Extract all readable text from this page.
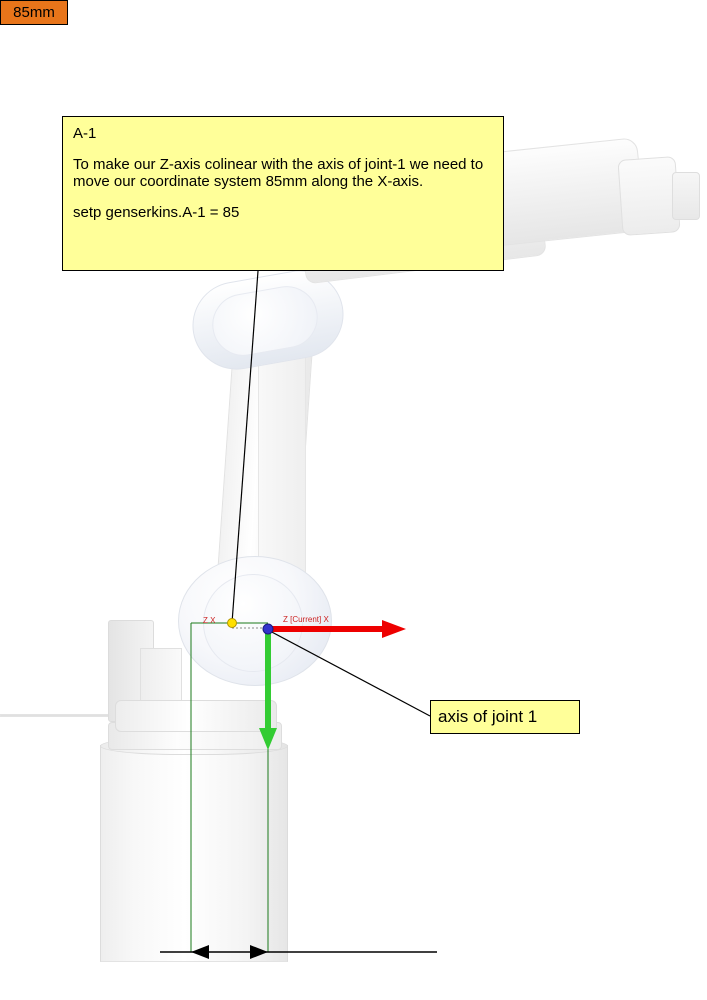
Z X	Z [Current] X
A-1
To make our Z-axis colinear with the axis of joint-1 we need to move our coordinate system 85mm along the X-axis.
setp genserkins.A-1 = 85
axis of joint 1
85mm
